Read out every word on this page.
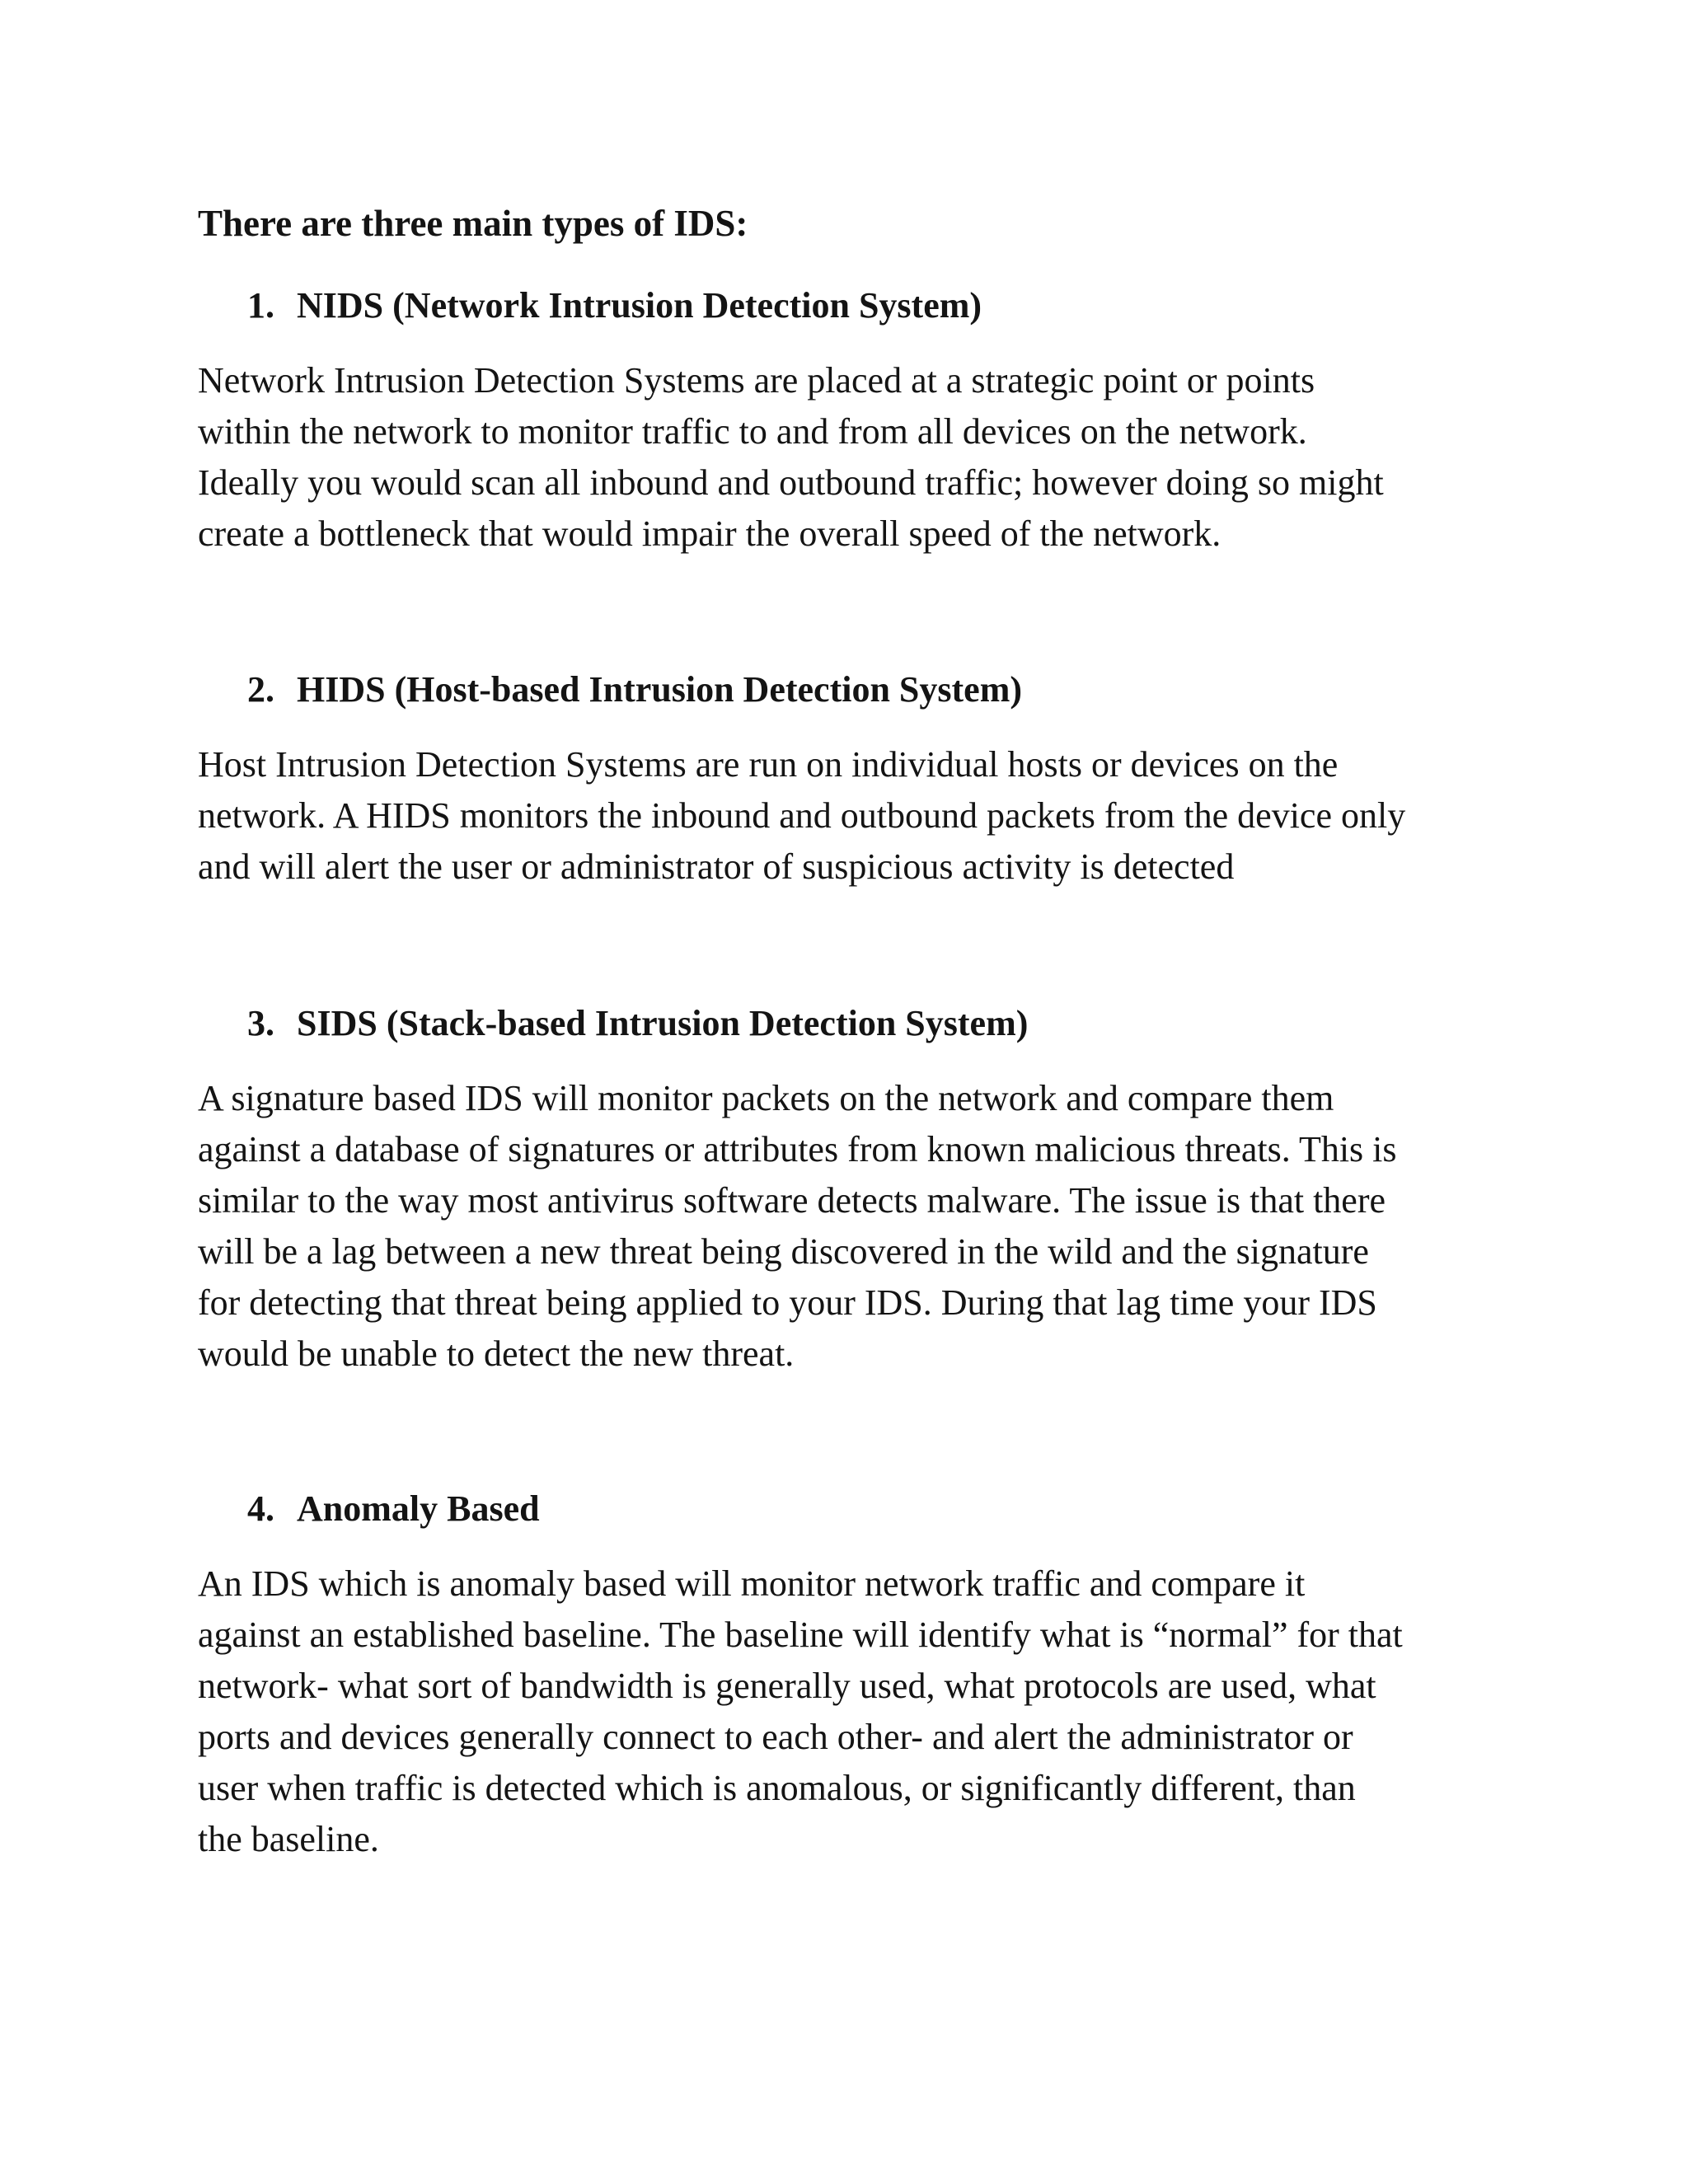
There are three main types of IDS:

1. NIDS (Network Intrusion Detection System)

Network Intrusion Detection Systems are placed at a strategic point or points
within the network to monitor traffic to and from all devices on the network.
Ideally you would scan all inbound and outbound traffic; however doing so might
create a bottleneck that would impair the overall speed of the network.

2. HIDS (Host-based Intrusion Detection System)

Host Intrusion Detection Systems are run on individual hosts or devices on the
network. A HIDS monitors the inbound and outbound packets from the device only
and will alert the user or administrator of suspicious activity is detected

3. SIDS (Stack-based Intrusion Detection System)

A signature based IDS will monitor packets on the network and compare them
against a database of signatures or attributes from known malicious threats. This is
similar to the way most antivirus software detects malware. The issue is that there
will be a lag between a new threat being discovered in the wild and the signature
for detecting that threat being applied to your IDS. During that lag time your IDS
would be unable to detect the new threat.

4. Anomaly Based

An IDS which is anomaly based will monitor network traffic and compare it
against an established baseline. The baseline will identify what is “normal” for that
network- what sort of bandwidth is generally used, what protocols are used, what
ports and devices generally connect to each other- and alert the administrator or
user when traffic is detected which is anomalous, or significantly different, than
the baseline.
